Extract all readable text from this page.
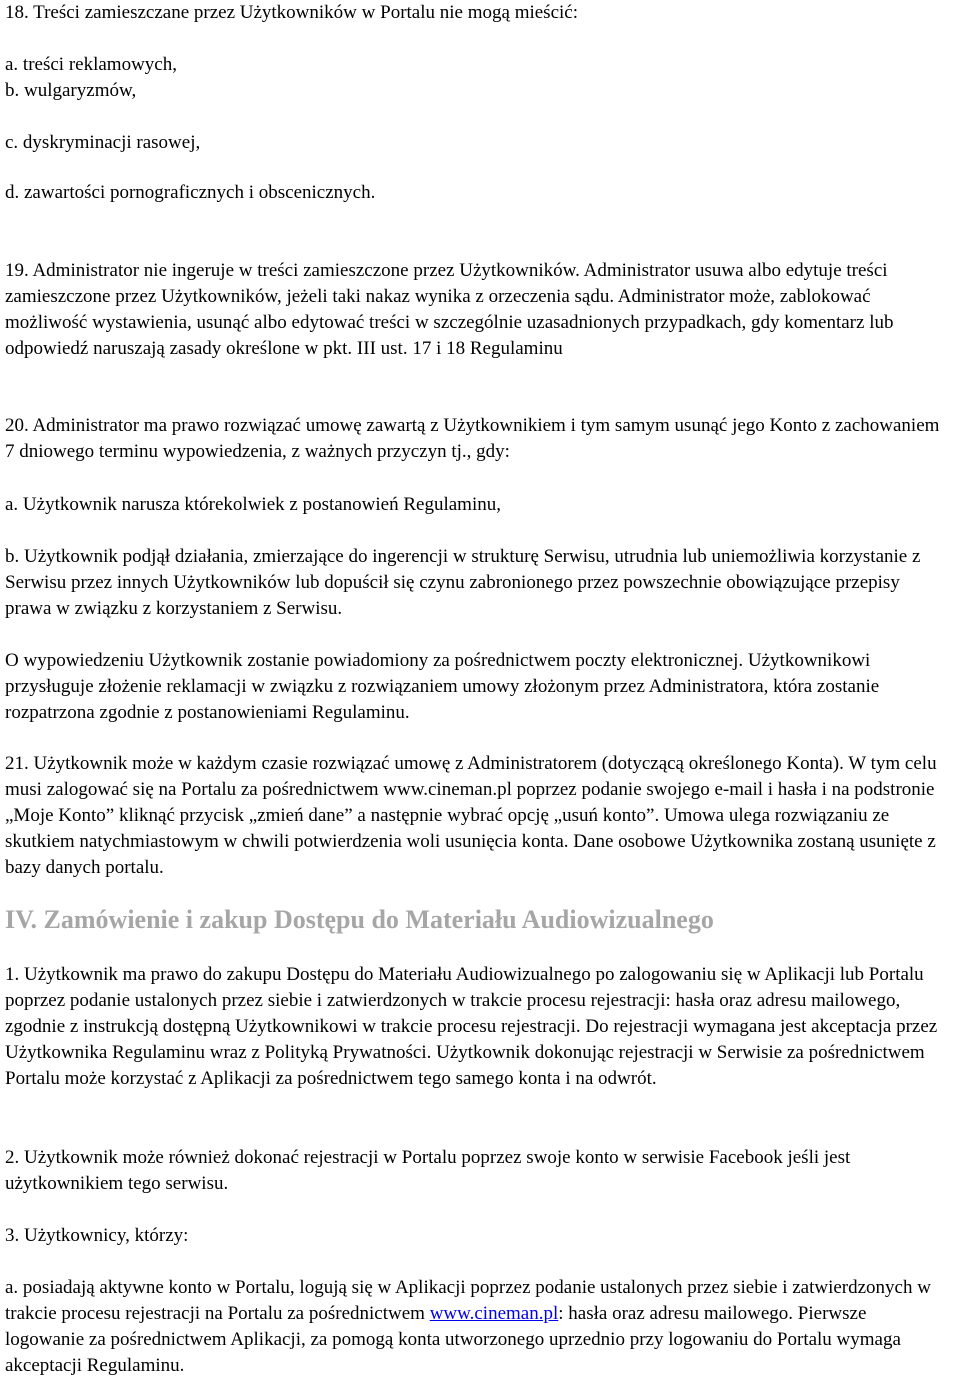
18. Treści zamieszczane przez Użytkowników w Portalu nie mogą mieścić:

a. treści reklamowych,

b. wulgaryzmów,

c. dyskryminacji rasowej,

d. zawartości pornograficznych i obscenicznych.

19. Administrator nie ingeruje w treści zamieszczone przez Użytkowników. Administrator usuwa albo edytuje treści zamieszczone przez Użytkowników, jeżeli taki nakaz wynika z orzeczenia sądu. Administrator może, zablokować możliwość wystawienia, usunąć albo edytować treści w szczególnie uzasadnionych przypadkach, gdy komentarz lub odpowiedź naruszają zasady określone w pkt. III ust. 17 i 18 Regulaminu

20. Administrator ma prawo rozwiązać umowę zawartą z Użytkownikiem i tym samym usunąć jego Konto z zachowaniem 7 dniowego terminu wypowiedzenia, z ważnych przyczyn tj., gdy:

a. Użytkownik narusza którekolwiek z postanowień Regulaminu,

b. Użytkownik podjął działania, zmierzające do ingerencji w strukturę Serwisu, utrudnia lub uniemożliwia korzystanie z Serwisu przez innych Użytkowników lub dopuścił się czynu zabronionego przez powszechnie obowiązujące przepisy prawa w związku z korzystaniem z Serwisu.

O wypowiedzeniu Użytkownik zostanie powiadomiony za pośrednictwem poczty elektronicznej. Użytkownikowi przysługuje złożenie reklamacji w związku z rozwiązaniem umowy złożonym przez Administratora, która zostanie rozpatrzona zgodnie z postanowieniami Regulaminu.

21. Użytkownik może w każdym czasie rozwiązać umowę z Administratorem (dotyczącą określonego Konta). W tym celu musi zalogować się na Portalu za pośrednictwem www.cineman.pl poprzez podanie swojego e-mail i hasła i na podstronie „Moje Konto” kliknąć przycisk „zmień dane” a następnie wybrać opcję „usuń konto”. Umowa ulega rozwiązaniu ze skutkiem natychmiastowym w chwili potwierdzenia woli usunięcia konta. Dane osobowe Użytkownika zostaną usunięte z bazy danych portalu.

IV. Zamówienie i zakup Dostępu do Materiału Audiowizualnego

1. Użytkownik ma prawo do zakupu Dostępu do Materiału Audiowizualnego po zalogowaniu się w Aplikacji lub Portalu poprzez podanie ustalonych przez siebie i zatwierdzonych w trakcie procesu rejestracji: hasła oraz adresu mailowego, zgodnie z instrukcją dostępną Użytkownikowi w trakcie procesu rejestracji. Do rejestracji wymagana jest akceptacja przez Użytkownika Regulaminu wraz z Polityką Prywatności. Użytkownik dokonując rejestracji w Serwisie za pośrednictwem Portalu może korzystać z Aplikacji za pośrednictwem tego samego konta i na odwrót.

2. Użytkownik może również dokonać rejestracji w Portalu poprzez swoje konto w serwisie Facebook jeśli jest użytkownikiem tego serwisu.

3. Użytkownicy, którzy:

a. posiadają aktywne konto w Portalu, logują się w Aplikacji poprzez podanie ustalonych przez siebie i zatwierdzonych w trakcie procesu rejestracji na Portalu za pośrednictwem www.cineman.pl: hasła oraz adresu mailowego. Pierwsze logowanie za pośrednictwem Aplikacji, za pomogą konta utworzonego uprzednio przy logowaniu do Portalu wymaga akceptacji Regulaminu.
